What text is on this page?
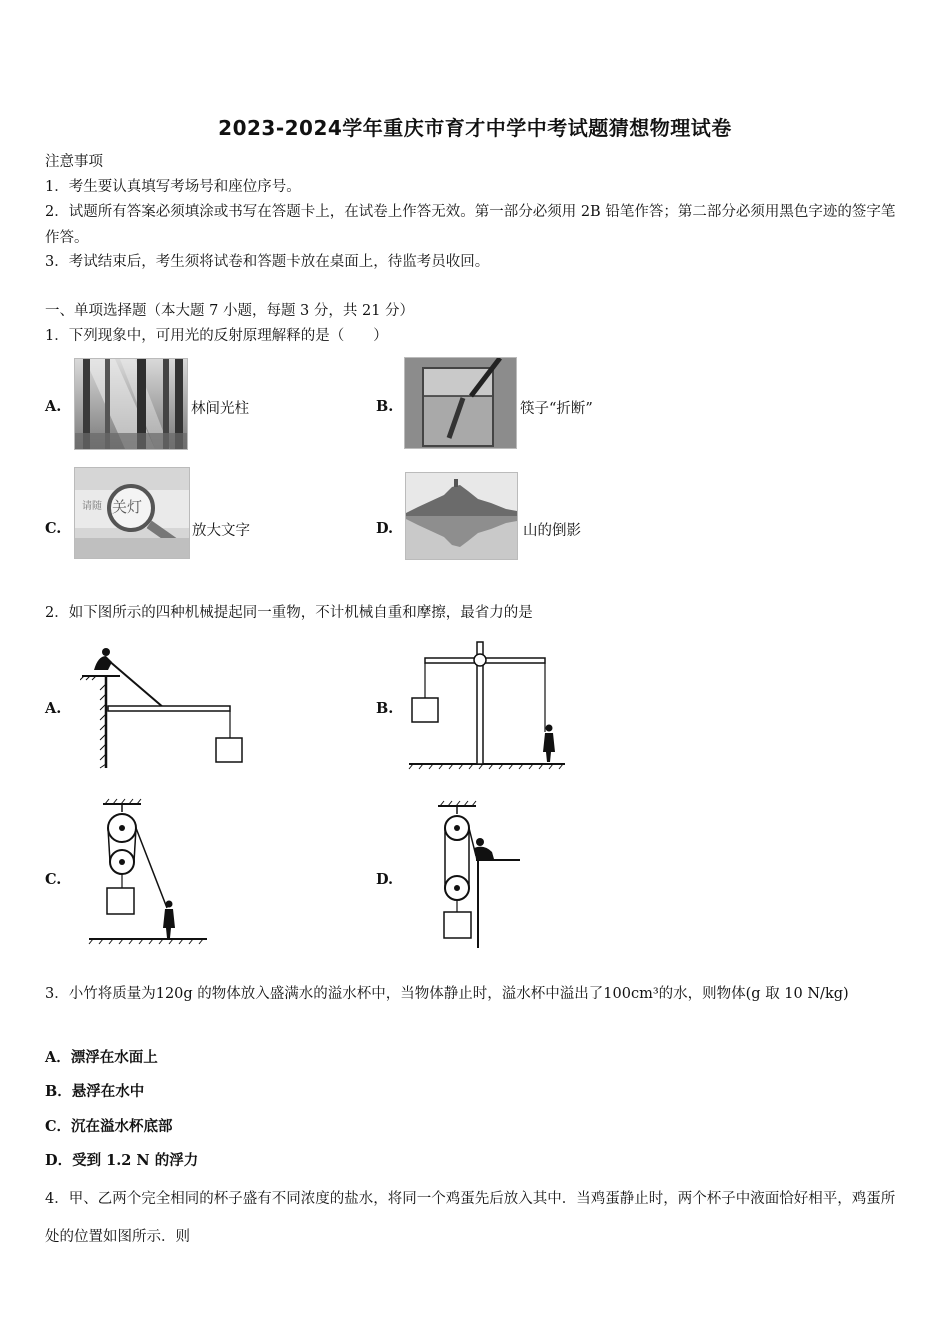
2023-2024学年重庆市育才中学中考试题猜想物理试卷
注意事项
1．考生要认真填写考场号和座位序号。
2．试题所有答案必须填涂或书写在答题卡上，在试卷上作答无效。第一部分必须用 2B 铅笔作答；第二部分必须用黑色字迹的签字笔作答。
3．考试结束后，考生须将试卷和答题卡放在桌面上，待监考员收回。
一、单项选择题（本大题 7 小题，每题 3 分，共 21 分）
1．下列现象中，可用光的反射原理解释的是（　　）
A.	林间光柱	B.	筷子“折断”
C.
请随 关灯
放大文字	D.	山的倒影
2．如下图所示的四种机械提起同一重物，不计机械自重和摩擦，最省力的是
A.	B.
C.	D.
3．小竹将质量为120g 的物体放入盛满水的溢水杯中，当物体静止时，溢水杯中溢出了100cm³的水，则物体(g 取 10 N/kg)
A．漂浮在水面上
B．悬浮在水中
C．沉在溢水杯底部
D．受到 1.2 N 的浮力
4．甲、乙两个完全相同的杯子盛有不同浓度的盐水，将同一个鸡蛋先后放入其中．当鸡蛋静止时，两个杯子中液面恰好相平，鸡蛋所处的位置如图所示．则
